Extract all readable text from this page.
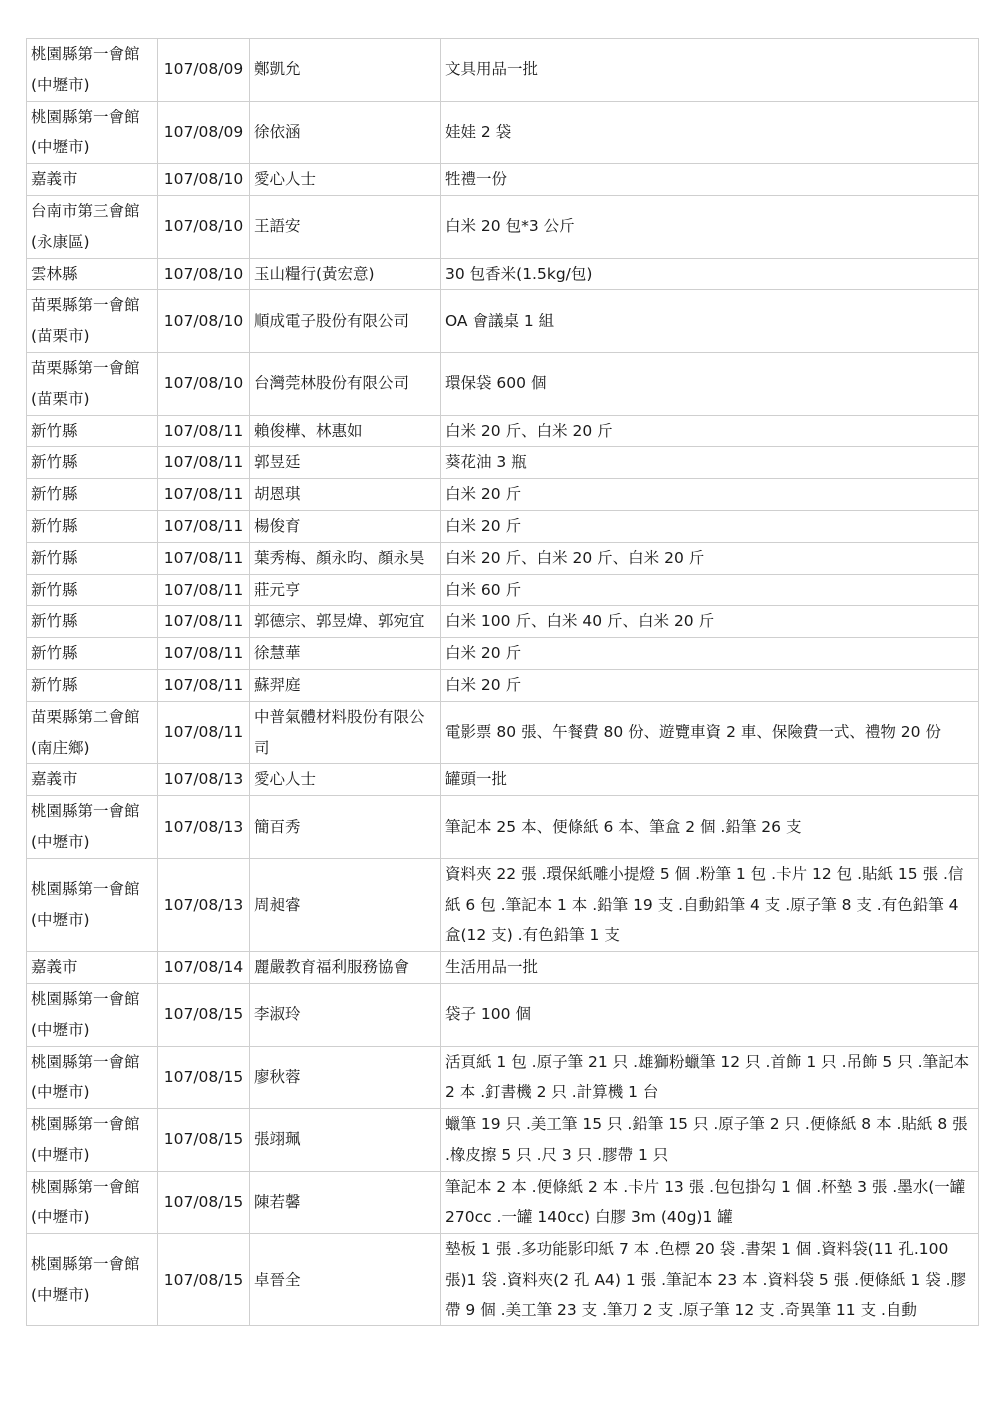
桃園縣第一會館(中壢市)	107/08/09	鄭凱允	文具用品一批
桃園縣第一會館(中壢市)	107/08/09	徐依涵	娃娃 2 袋
嘉義市	107/08/10	愛心人士	牲禮一份
台南市第三會館(永康區)	107/08/10	王語安	白米 20 包*3 公斤
雲林縣	107/08/10	玉山糧行(黃宏意)	30 包香米(1.5kg/包)
苗栗縣第一會館(苗栗市)	107/08/10	順成電子股份有限公司	OA 會議桌 1 組
苗栗縣第一會館(苗栗市)	107/08/10	台灣莞林股份有限公司	環保袋 600 個
新竹縣	107/08/11	賴俊樺、林惠如	白米 20 斤、白米 20 斤
新竹縣	107/08/11	郭昱廷	葵花油 3 瓶
新竹縣	107/08/11	胡恩琪	白米 20 斤
新竹縣	107/08/11	楊俊育	白米 20 斤
新竹縣	107/08/11	葉秀梅、顏永昀、顏永昊	白米 20 斤、白米 20 斤、白米 20 斤
新竹縣	107/08/11	莊元亨	白米 60 斤
新竹縣	107/08/11	郭德宗、郭昱煒、郭宛宜	白米 100 斤、白米 40 斤、白米 20 斤
新竹縣	107/08/11	徐慧華	白米 20 斤
新竹縣	107/08/11	蘇羿庭	白米 20 斤
苗栗縣第二會館(南庄鄉)	107/08/11	中普氣體材料股份有限公司	電影票 80 張、午餐費 80 份、遊覽車資 2 車、保險費一式、禮物 20 份
嘉義市	107/08/13	愛心人士	罐頭一批
桃園縣第一會館(中壢市)	107/08/13	簡百秀	筆記本 25 本、便條紙 6 本、筆盒 2 個 .鉛筆 26 支
桃園縣第一會館(中壢市)	107/08/13	周昶睿	資料夾 22 張 .環保紙雕小提燈 5 個 .粉筆 1 包 .卡片 12 包 .貼紙 15 張 .信紙 6 包 .筆記本 1 本 .鉛筆 19 支 .自動鉛筆 4 支 .原子筆 8 支 .有色鉛筆 4 盒(12 支) .有色鉛筆 1 支
嘉義市	107/08/14	麗嚴教育福利服務協會	生活用品一批
桃園縣第一會館(中壢市)	107/08/15	李淑玲	袋子 100 個
桃園縣第一會館(中壢市)	107/08/15	廖秋蓉	活頁紙 1 包 .原子筆 21 只 .雄獅粉蠟筆 12 只 .首飾 1 只 .吊飾 5 只 .筆記本 2 本 .釘書機 2 只 .計算機 1 台
桃園縣第一會館(中壢市)	107/08/15	張翊珮	蠟筆 19 只 .美工筆 15 只 .鉛筆 15 只 .原子筆 2 只 .便條紙 8 本 .貼紙 8 張 .橡皮擦 5 只 .尺 3 只 .膠帶 1 只
桃園縣第一會館(中壢市)	107/08/15	陳若馨	筆記本 2 本 .便條紙 2 本 .卡片 13 張 .包包掛勾 1 個 .杯墊 3 張 .墨水(一罐 270cc .一罐 140cc) 白膠 3m (40g)1 罐
桃園縣第一會館(中壢市)	107/08/15	卓晉全	墊板 1 張 .多功能影印紙 7 本 .色標 20 袋 .書架 1 個 .資料袋(11 孔.100 張)1 袋 .資料夾(2 孔 A4) 1 張 .筆記本 23 本 .資料袋 5 張 .便條紙 1 袋 .膠帶 9 個 .美工筆 23 支 .筆刀 2 支 .原子筆 12 支 .奇異筆 11 支 .自動
